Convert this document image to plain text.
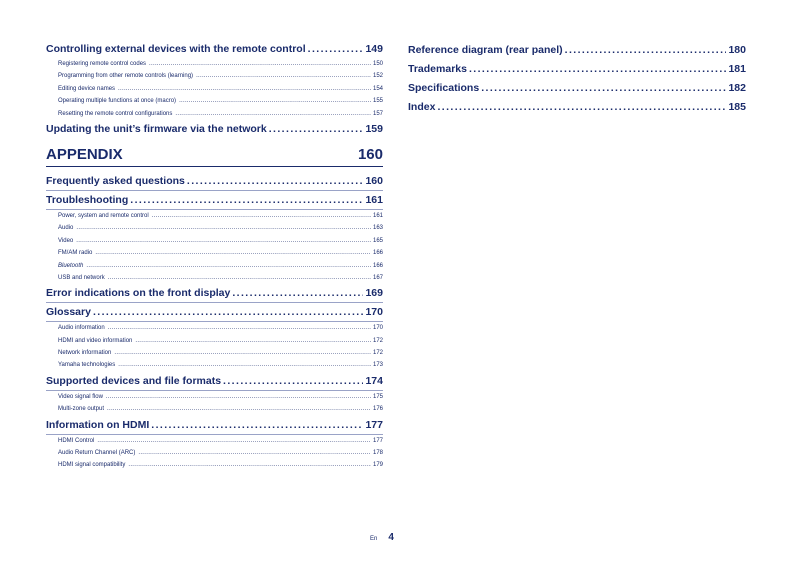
Controlling external devices with the remote control .....	149
Registering remote control codes .....	150
Programming from other remote controls (learning) .....	152
Editing device names .....	154
Operating multiple functions at once (macro) .....	155
Resetting the remote control configurations .....	157
Updating the unit’s firmware via the network .....	159
APPENDIX	160
Frequently asked questions .....	160
Troubleshooting .....	161
Power, system and remote control .....	161
Audio .....	163
Video .....	165
FM/AM radio .....	166
Bluetooth .....	166
USB and network .....	167
Error indications on the front display .....	169
Glossary .....	170
Audio information .....	170
HDMI and video information .....	172
Network information .....	172
Yamaha technologies .....	173
Supported devices and file formats .....	174
Video signal flow .....	175
Multi-zone output .....	176
Information on HDMI .....	177
HDMI Control .....	177
Audio Return Channel (ARC) .....	178
HDMI signal compatibility .....	179
Reference diagram (rear panel) .....	180
Trademarks .....	181
Specifications .....	182
Index .....	185
En 4
